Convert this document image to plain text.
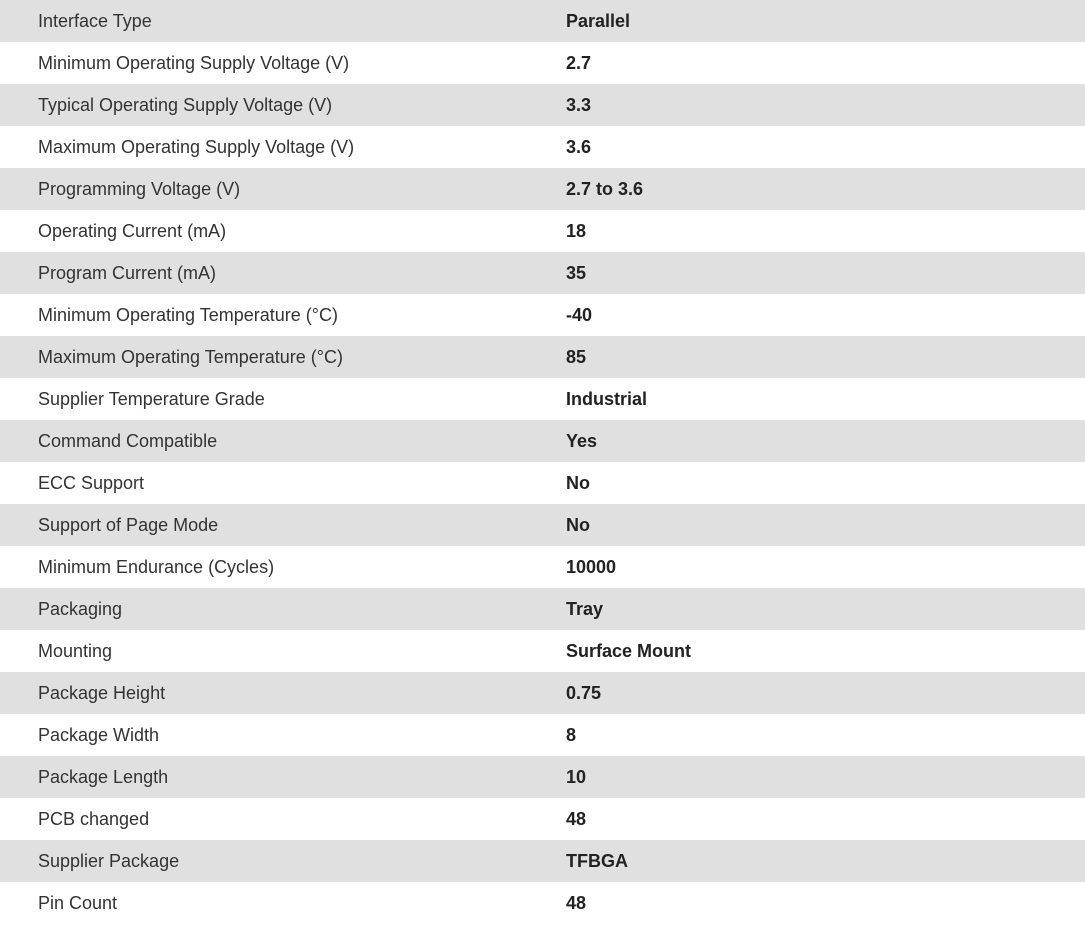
Interface Type	Parallel
Minimum Operating Supply Voltage (V)	2.7
Typical Operating Supply Voltage (V)	3.3
Maximum Operating Supply Voltage (V)	3.6
Programming Voltage (V)	2.7 to 3.6
Operating Current (mA)	18
Program Current (mA)	35
Minimum Operating Temperature (°C)	-40
Maximum Operating Temperature (°C)	85
Supplier Temperature Grade	Industrial
Command Compatible	Yes
ECC Support	No
Support of Page Mode	No
Minimum Endurance (Cycles)	10000
Packaging	Tray
Mounting	Surface Mount
Package Height	0.75
Package Width	8
Package Length	10
PCB changed	48
Supplier Package	TFBGA
Pin Count	48
